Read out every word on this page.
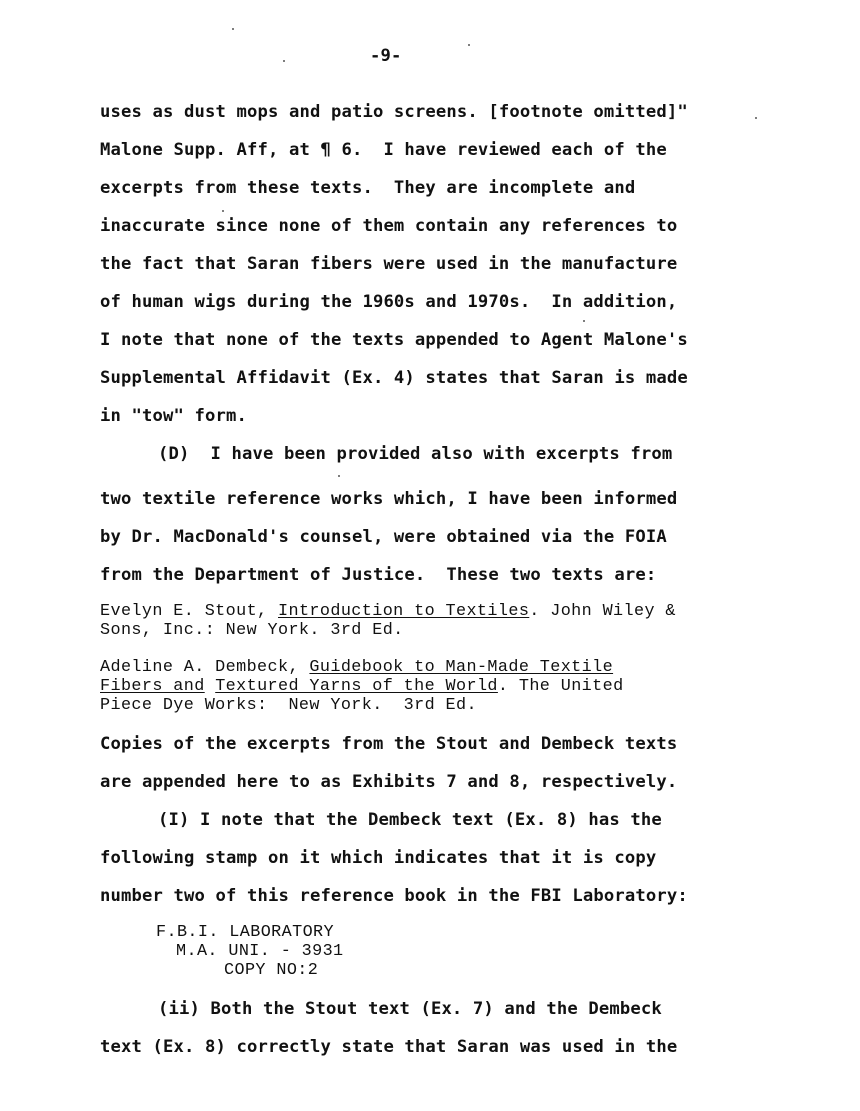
-9-
uses as dust mops and patio screens. [footnote omitted]"
Malone Supp. Aff, at ¶ 6.  I have reviewed each of the
excerpts from these texts.  They are incomplete and
inaccurate since none of them contain any references to
the fact that Saran fibers were used in the manufacture
of human wigs during the 1960s and 1970s.  In addition,
I note that none of the texts appended to Agent Malone's
Supplemental Affidavit (Ex. 4) states that Saran is made
in "tow" form.
(D)  I have been provided also with excerpts from
two textile reference works which, I have been informed
by Dr. MacDonald's counsel, were obtained via the FOIA
from the Department of Justice.  These two texts are:
Evelyn E. Stout, Introduction to Textiles. John Wiley &
Sons, Inc.: New York. 3rd Ed.
Adeline A. Dembeck, Guidebook to Man-Made Textile
Fibers and Textured Yarns of the World. The United
Piece Dye Works:  New York.  3rd Ed.
Copies of the excerpts from the Stout and Dembeck texts
are appended here to as Exhibits 7 and 8, respectively.
(I) I note that the Dembeck text (Ex. 8) has the
following stamp on it which indicates that it is copy
number two of this reference book in the FBI Laboratory:
F.B.I. LABORATORY
M.A. UNI. - 3931
COPY NO:2
(ii) Both the Stout text (Ex. 7) and the Dembeck
text (Ex. 8) correctly state that Saran was used in the
